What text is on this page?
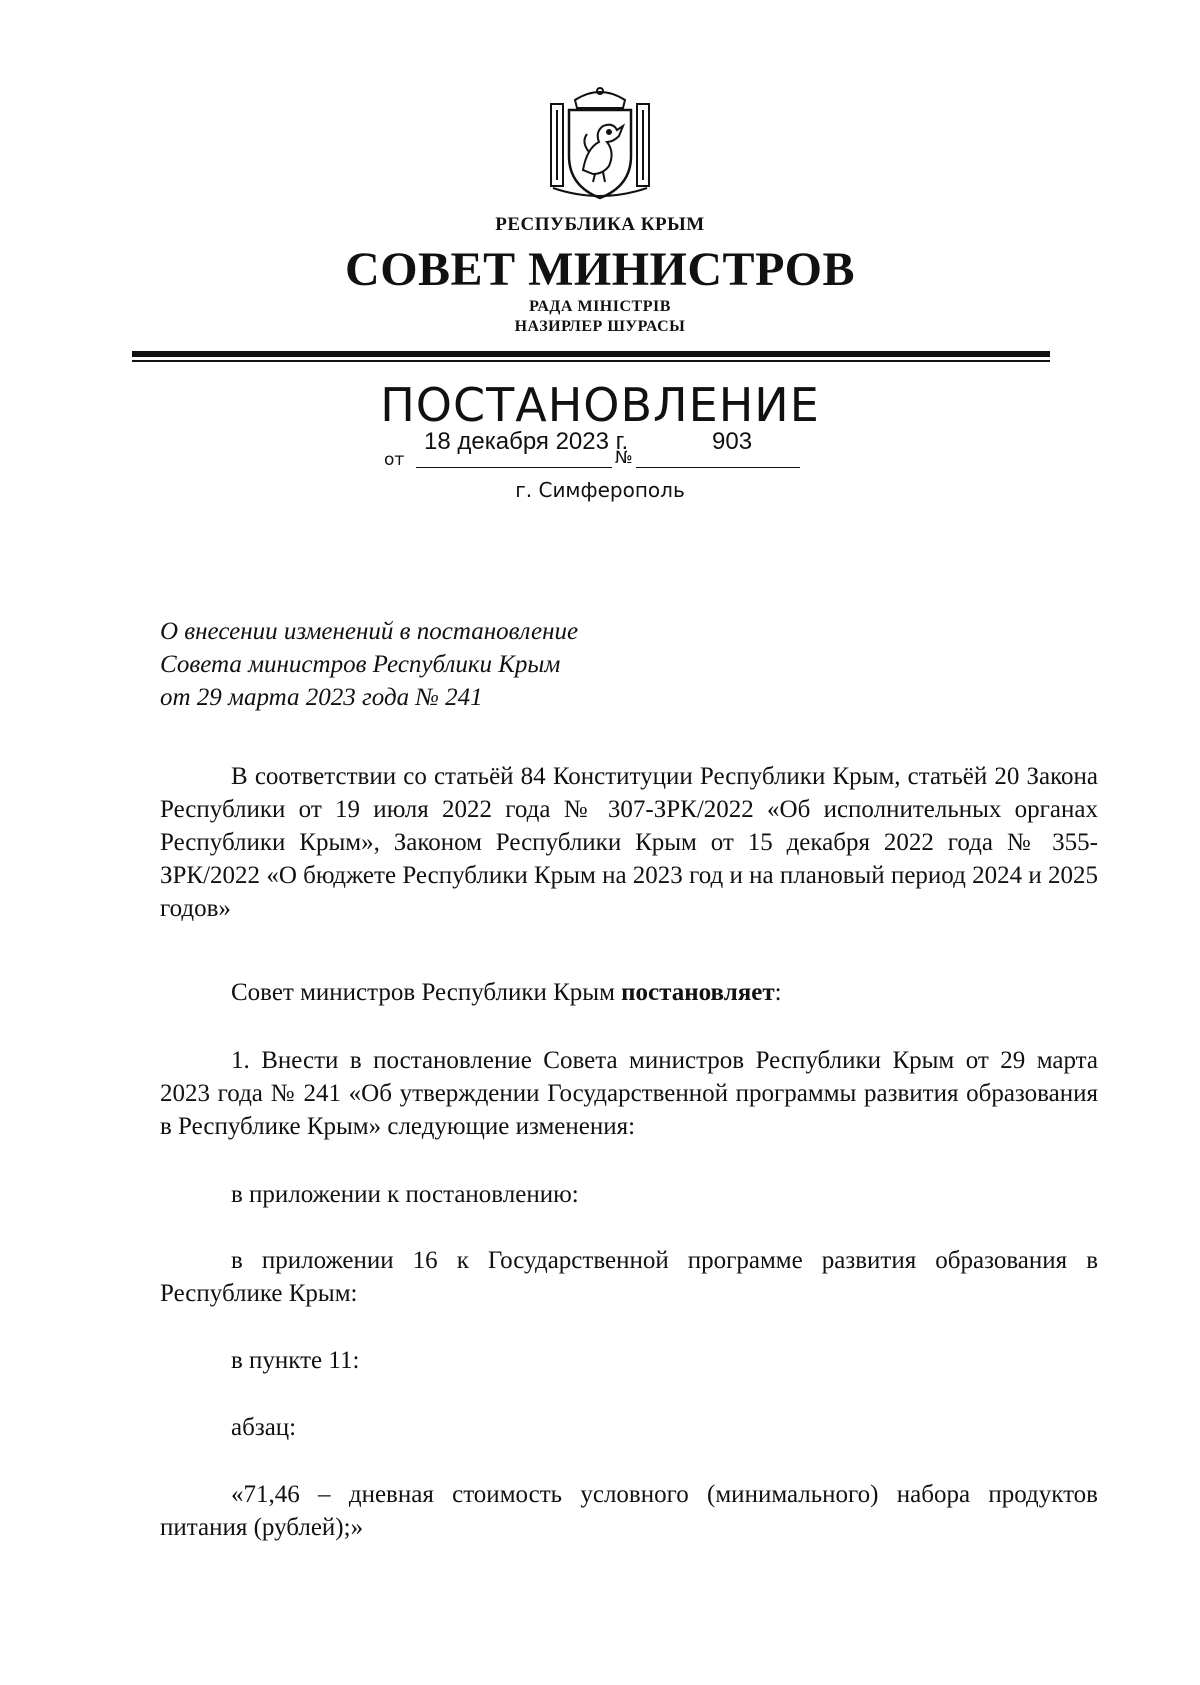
РЕСПУБЛИКА КРЫМ
СОВЕТ МИНИСТРОВ
РАДА МІНІСТРІВ
НАЗИРЛЕР ШУРАСЫ
ПОСТАНОВЛЕНИЕ
от
18 декабря 2023 г.
№
903
г. Симферополь
О внесении изменений в постановление
Совета министров Республики Крым
от 29 марта 2023 года № 241
В соответствии со статьёй 84 Конституции Республики Крым, статьёй 20 Закона Республики от 19 июля 2022 года № 307-ЗРК/2022 «Об исполнительных органах Республики Крым», Законом Республики Крым от 15 декабря 2022 года № 355-ЗРК/2022 «О бюджете Республики Крым на 2023 год и на плановый период 2024 и 2025 годов»
Совет министров Республики Крым постановляет:
1. Внести в постановление Совета министров Республики Крым от 29 марта 2023 года № 241 «Об утверждении Государственной программы развития образования в Республике Крым» следующие изменения:
в приложении к постановлению:
в приложении 16 к Государственной программе развития образования в Республике Крым:
в пункте 11:
абзац:
«71,46 – дневная стоимость условного (минимального) набора продуктов питания (рублей);»
